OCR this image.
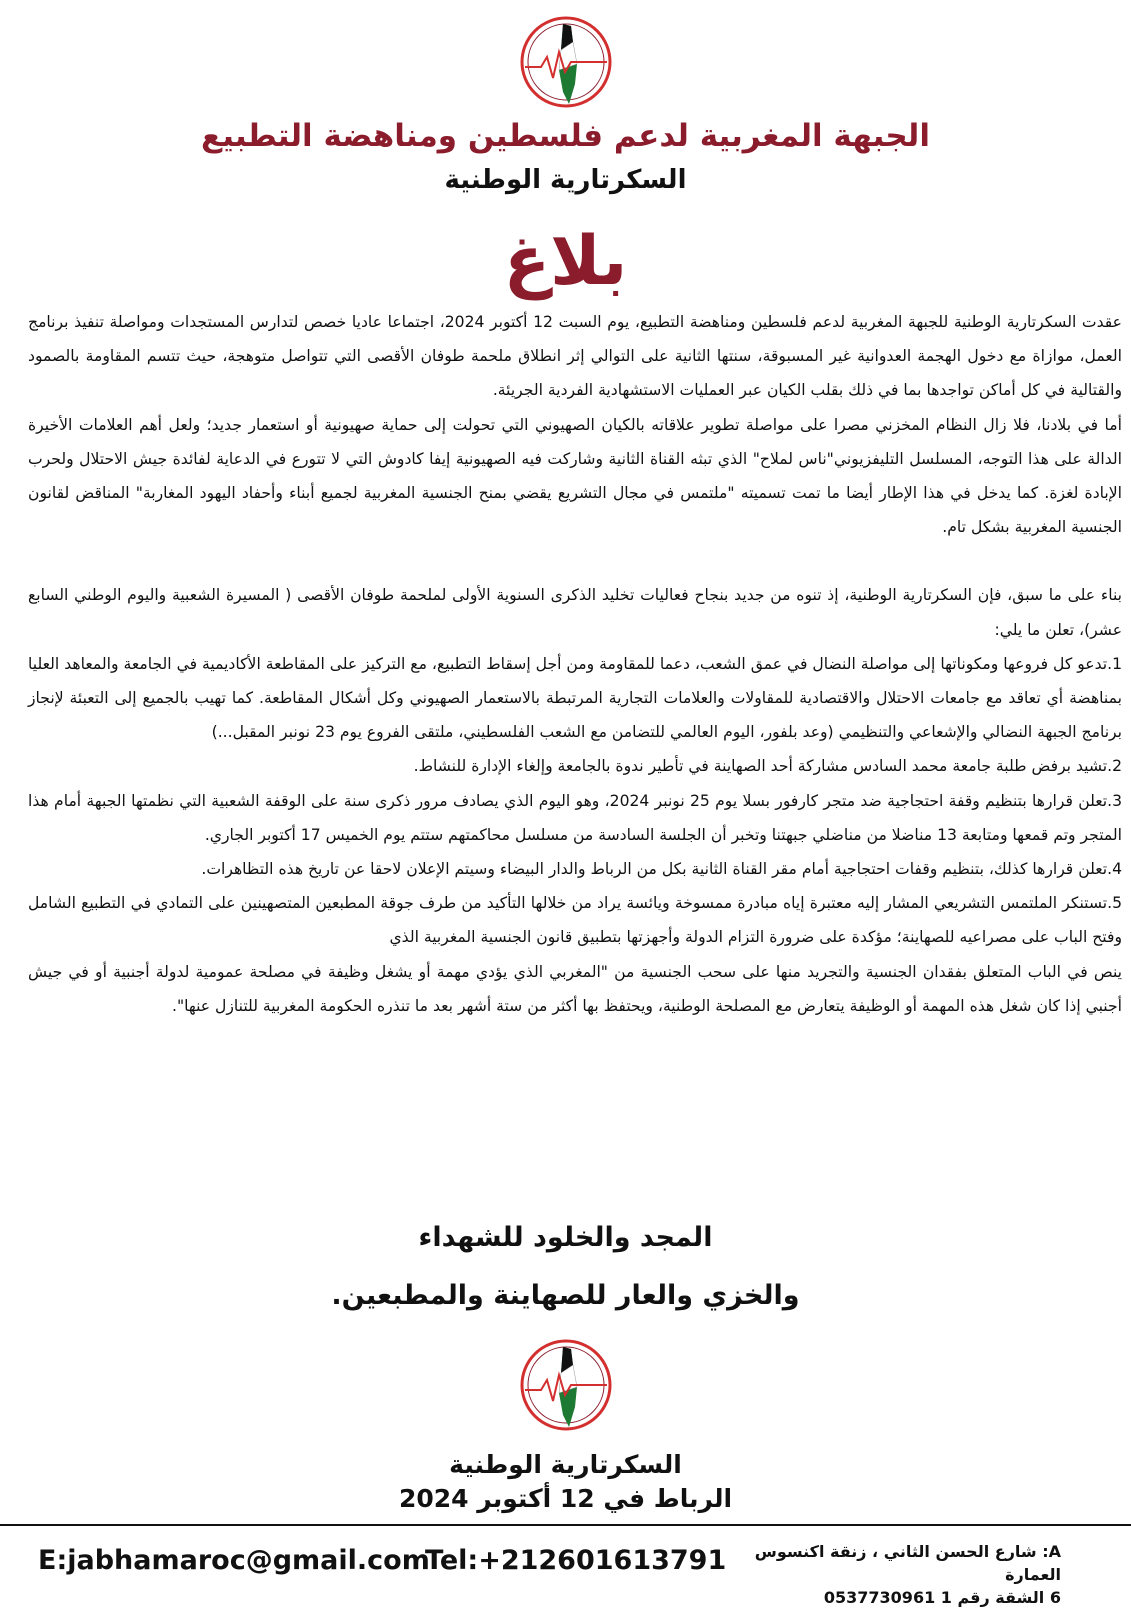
الجبهة المغربية لدعم فلسطين ومناهضة التطبيع
السكرتارية الوطنية
بلاغ

عقدت السكرتارية الوطنية للجبهة المغربية لدعم فلسطين ومناهضة التطبيع، يوم السبت 12 أكتوبر 2024، اجتماعا عاديا خصص لتدارس المستجدات ومواصلة تنفيذ برنامج العمل، موازاة مع دخول الهجمة العدوانية غير المسبوقة، سنتها الثانية على التوالي إثر انطلاق ملحمة طوفان الأقصى التي تتواصل متوهجة، حيث تتسم المقاومة بالصمود والقتالية في كل أماكن تواجدها بما في ذلك بقلب الكيان عبر العمليات الاستشهادية الفردية الجريئة.

أما في بلادنا، فلا زال النظام المخزني مصرا على مواصلة تطوير علاقاته بالكيان الصهيوني التي تحولت إلى حماية صهيونية أو استعمار جديد؛ ولعل أهم العلامات الأخيرة الدالة على هذا التوجه، المسلسل التليفزيوني"ناس لملاح" الذي تبثه القناة الثانية وشاركت فيه الصهيونية إيفا كادوش التي لا تتورع في الدعاية لفائدة جيش الاحتلال ولحرب الإبادة لغزة. كما يدخل في هذا الإطار أيضا ما تمت تسميته "ملتمس في مجال التشريع يقضي بمنح الجنسية المغربية لجميع أبناء وأحفاد اليهود المغاربة" المناقض لقانون الجنسية المغربية بشكل تام.

بناء على ما سبق، فإن السكرتارية الوطنية، إذ تنوه من جديد بنجاح فعاليات تخليد الذكرى السنوية الأولى لملحمة طوفان الأقصى ( المسيرة الشعبية واليوم الوطني السابع عشر)، تعلن ما يلي:

1.تدعو كل فروعها ومكوناتها إلى مواصلة النضال في عمق الشعب، دعما للمقاومة ومن أجل إسقاط التطبيع، مع التركيز على المقاطعة الأكاديمية في الجامعة والمعاهد العليا بمناهضة أي تعاقد مع جامعات الاحتلال والاقتصادية للمقاولات والعلامات التجارية المرتبطة بالاستعمار الصهيوني وكل أشكال المقاطعة. كما تهيب بالجميع إلى التعبئة لإنجاز برنامج الجبهة النضالي والإشعاعي والتنظيمي (وعد بلفور، اليوم العالمي للتضامن مع الشعب الفلسطيني، ملتقى الفروع يوم 23 نونبر المقبل...)

2.تشيد برفض طلبة جامعة محمد السادس مشاركة أحد الصهاينة في تأطير ندوة بالجامعة وإلغاء الإدارة للنشاط.

3.تعلن قرارها بتنظيم وقفة احتجاجية ضد متجر كارفور بسلا يوم 25 نونبر 2024، وهو اليوم الذي يصادف مرور ذكرى سنة على الوقفة الشعبية التي نظمتها الجبهة أمام هذا المتجر وتم قمعها ومتابعة 13 مناضلا من مناضلي جبهتنا وتخبر أن الجلسة السادسة من مسلسل محاكمتهم ستتم يوم الخميس 17 أكتوبر الجاري.

4.تعلن قرارها كذلك، بتنظيم وقفات احتجاجية أمام مقر القناة الثانية بكل من الرباط والدار البيضاء وسيتم الإعلان لاحقا عن تاريخ هذه التظاهرات.

5.تستنكر الملتمس التشريعي المشار إليه معتبرة إياه مبادرة ممسوخة ويائسة يراد من خلالها التأكيد من طرف جوقة المطبعين المتصهينين على التمادي في التطبيع الشامل وفتح الباب على مصراعيه للصهاينة؛ مؤكدة على ضرورة التزام الدولة وأجهزتها بتطبيق قانون الجنسية المغربية الذي

ينص في الباب المتعلق بفقدان الجنسية والتجريد منها على سحب الجنسية من "المغربي الذي يؤدي مهمة أو يشغل وظيفة في مصلحة عمومية لدولة أجنبية أو في جيش أجنبي إذا كان شغل هذه المهمة أو الوظيفة يتعارض مع المصلحة الوطنية، ويحتفظ بها أكثر من ستة أشهر بعد ما تنذره الحكومة المغربية للتنازل عنها".

المجد والخلود للشهداء

والخزي والعار للصهاينة والمطبعين.

السكرتارية الوطنية

الرباط في 12 أكتوبر 2024

E:jabhamaroc@gmail.com

Tel:+212601613791	A: شارع الحسن الثاني ، زنقة اكنسوس العمارة
6 الشقة رقم 1 0537730961
